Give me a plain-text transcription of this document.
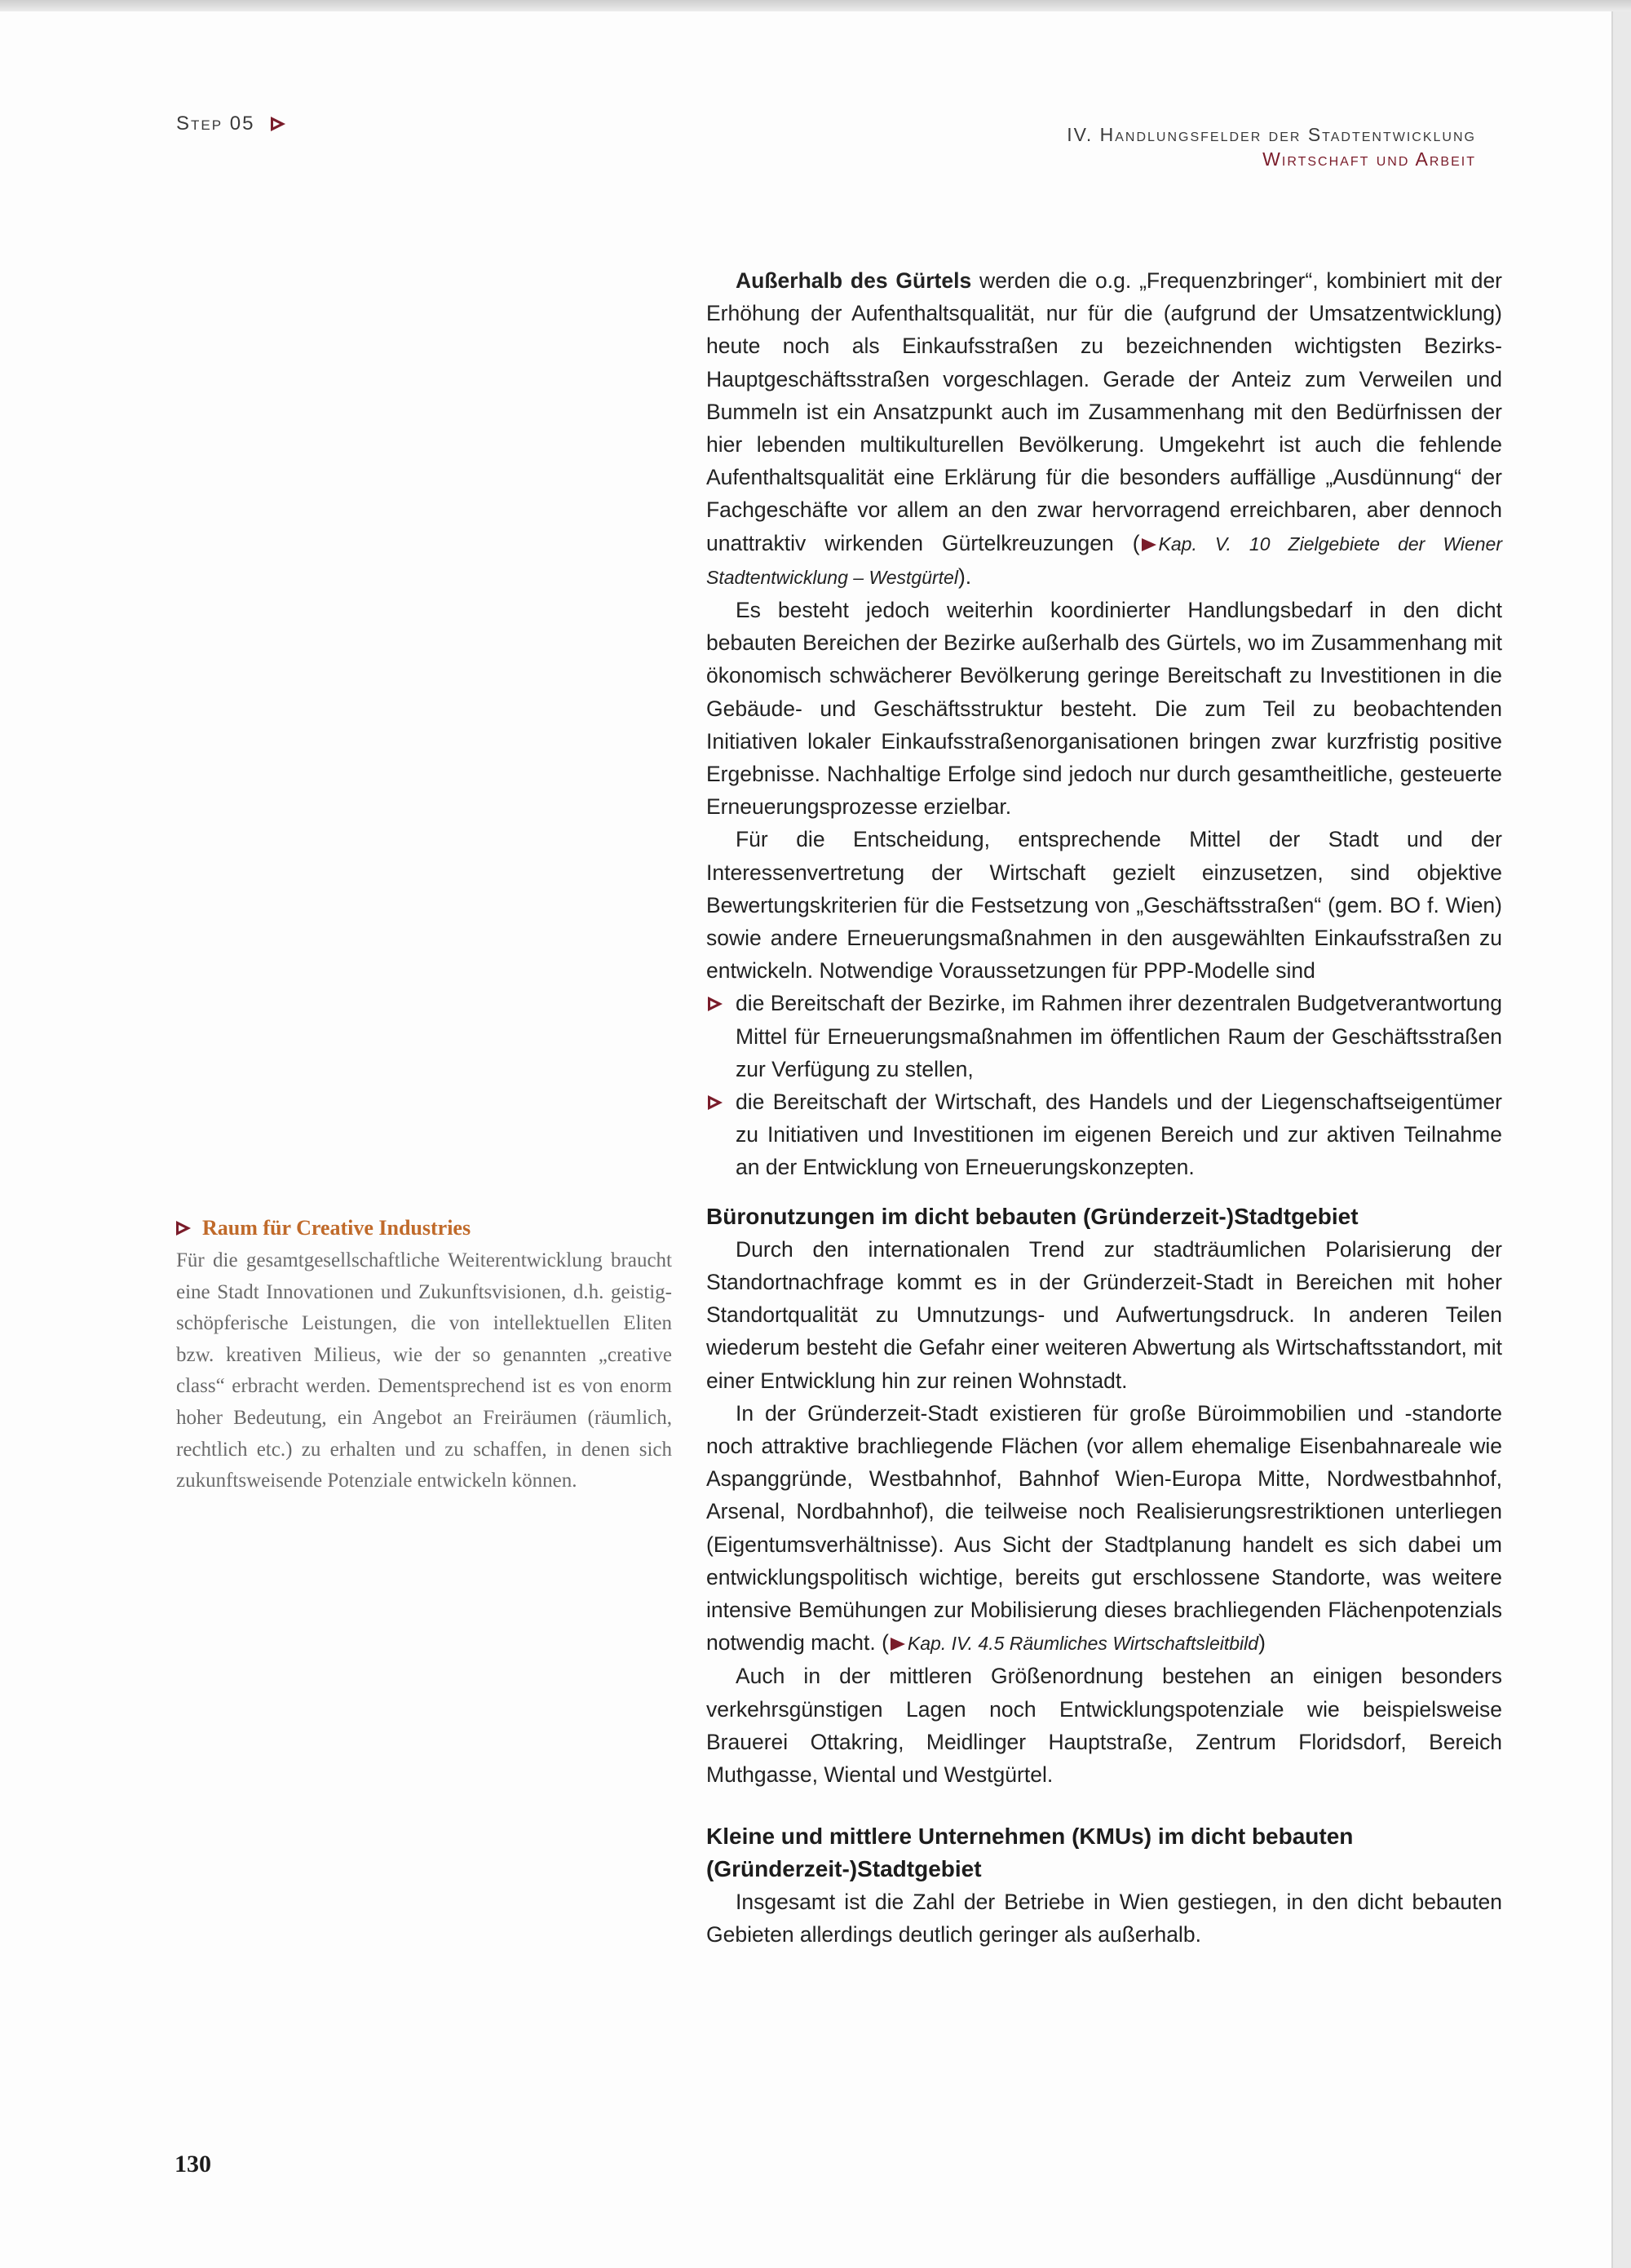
Step 05	IV. Handlungsfelder der Stadtentwicklung
Wirtschaft und Arbeit
Raum für Creative Industries

Für die gesamtgesellschaftliche Weiterentwicklung braucht eine Stadt Innovationen und Zukunftsvisionen, d.h. geistig-schöpferische Leistungen, die von intellektuellen Eliten bzw. kreativen Milieus, wie der so genannten „creative class“ erbracht werden. Dementsprechend ist es von enorm hoher Bedeutung, ein Angebot an Freiräumen (räumlich, rechtlich etc.) zu erhalten und zu schaffen, in denen sich zukunftsweisende Potenziale entwickeln können.

Außerhalb des Gürtels werden die o.g. „Frequenzbringer“, kombiniert mit der Erhöhung der Aufenthaltsqualität, nur für die (aufgrund der Umsatzentwicklung) heute noch als Einkaufsstraßen zu bezeichnenden wichtigsten Bezirks-Hauptgeschäftsstraßen vorgeschlagen. Gerade der Anteiz zum Verweilen und Bummeln ist ein Ansatzpunkt auch im Zusammenhang mit den Bedürfnissen der hier lebenden multikulturellen Bevölkerung. Umgekehrt ist auch die fehlende Aufenthaltsqualität eine Erklärung für die besonders auffällige „Ausdünnung“ der Fachgeschäfte vor allem an den zwar hervorragend erreichbaren, aber dennoch unattraktiv wirkenden Gürtelkreuzungen ( Kap. V. 10 Zielgebiete der Wiener Stadtentwicklung – Westgürtel).

Es besteht jedoch weiterhin koordinierter Handlungsbedarf in den dicht bebauten Bereichen der Bezirke außerhalb des Gürtels, wo im Zusammenhang mit ökonomisch schwächerer Bevölkerung geringe Bereitschaft zu Investitionen in die Gebäude- und Geschäftsstruktur besteht. Die zum Teil zu beobachtenden Initiativen lokaler Einkaufsstraßenorganisationen bringen zwar kurzfristig positive Ergebnisse. Nachhaltige Erfolge sind jedoch nur durch gesamtheitliche, gesteuerte Erneuerungsprozesse erzielbar.

Für die Entscheidung, entsprechende Mittel der Stadt und der Interessenvertretung der Wirtschaft gezielt einzusetzen, sind objektive Bewertungskriterien für die Festsetzung von „Geschäftsstraßen“ (gem. BO f. Wien) sowie andere Erneuerungsmaßnahmen in den ausgewählten Einkaufsstraßen zu entwickeln. Notwendige Voraussetzungen für PPP-Modelle sind

die Bereitschaft der Bezirke, im Rahmen ihrer dezentralen Budgetverantwortung Mittel für Erneuerungsmaßnahmen im öffentlichen Raum der Geschäftsstraßen zur Verfügung zu stellen,
die Bereitschaft der Wirtschaft, des Handels und der Liegenschaftseigentümer zu Initiativen und Investitionen im eigenen Bereich und zur aktiven Teilnahme an der Entwicklung von Erneuerungskonzepten.
Büronutzungen im dicht bebauten (Gründerzeit-)Stadtgebiet

Durch den internationalen Trend zur stadträumlichen Polarisierung der Standortnachfrage kommt es in der Gründerzeit-Stadt in Bereichen mit hoher Standortqualität zu Umnutzungs- und Aufwertungsdruck. In anderen Teilen wiederum besteht die Gefahr einer weiteren Abwertung als Wirtschaftsstandort, mit einer Entwicklung hin zur reinen Wohnstadt.

In der Gründerzeit-Stadt existieren für große Büroimmobilien und -standorte noch attraktive brachliegende Flächen (vor allem ehemalige Eisenbahnareale wie Aspanggründe, Westbahnhof, Bahnhof Wien-Europa Mitte, Nordwestbahnhof, Arsenal, Nordbahnhof), die teilweise noch Realisierungsrestriktionen unterliegen (Eigentumsverhältnisse). Aus Sicht der Stadtplanung handelt es sich dabei um entwicklungspolitisch wichtige, bereits gut erschlossene Standorte, was weitere intensive Bemühungen zur Mobilisierung dieses brachliegenden Flächenpotenzials notwendig macht. ( Kap. IV. 4.5 Räumliches Wirtschaftsleitbild)

Auch in der mittleren Größenordnung bestehen an einigen besonders verkehrsgünstigen Lagen noch Entwicklungspotenziale wie beispielsweise Brauerei Ottakring, Meidlinger Hauptstraße, Zentrum Floridsdorf, Bereich Muthgasse, Wiental und Westgürtel.

Kleine und mittlere Unternehmen (KMUs) im dicht bebauten (Gründerzeit-)Stadtgebiet

Insgesamt ist die Zahl der Betriebe in Wien gestiegen, in den dicht bebauten Gebieten allerdings deutlich geringer als außerhalb.

130
